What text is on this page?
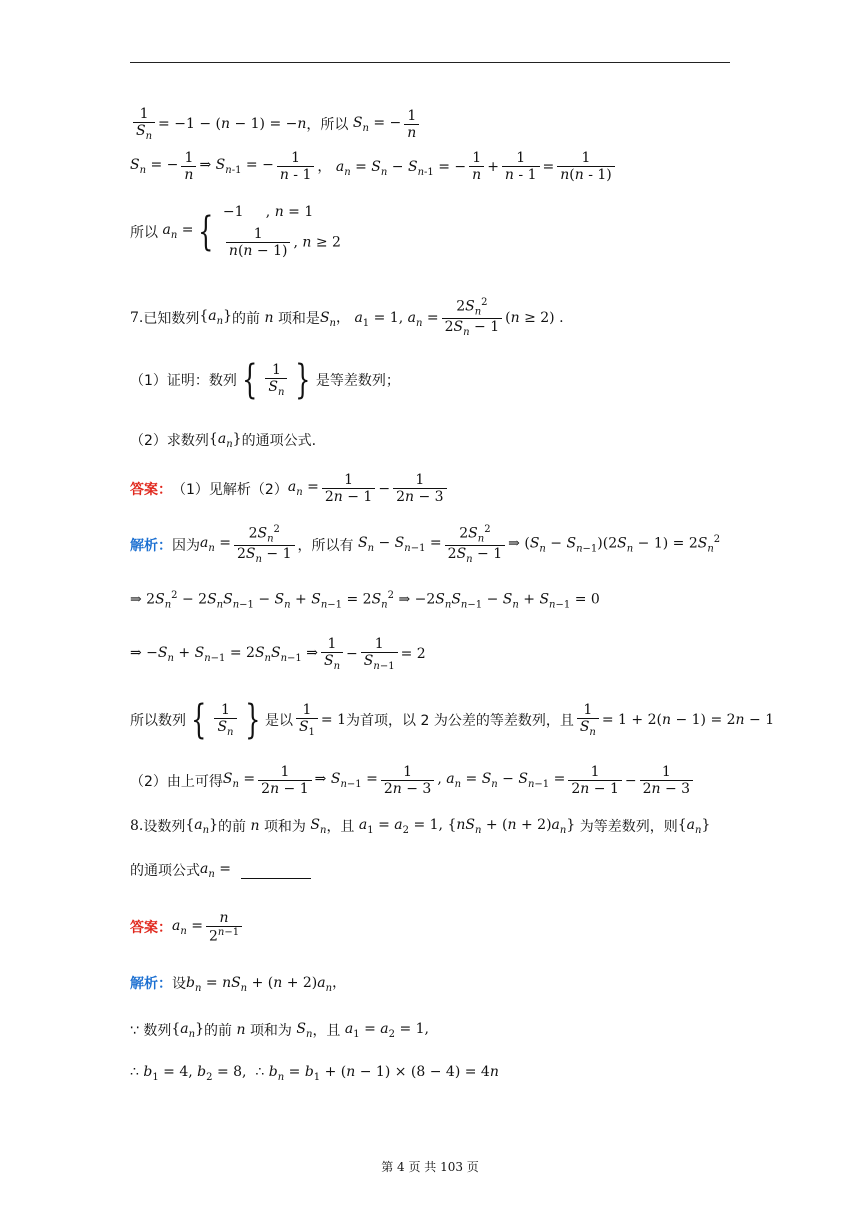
$\frac{1}{S_n} = -1 - (n - 1) = -n$ ，所以 $S_n$ = − $\frac{1}{n}$
$S_n$ = − $\frac{1}{n}$ ⇒ $S_{n-1}$ = − $\frac{1}{n - 1}$ ， $a_n = S_n - S_{n-1}$ = − $\frac{1}{n} + \frac{1}{n - 1} = \frac{1}{n(n - 1)}$
所以 $a_n$ = { −1     , n = 1
$\frac{1}{n(n - 1)}$ , n ≥ 2
7. 已知数列 $\{a_n\}$ 的前 n 项和是 $S_n$， $a_1 = 1$, $a_n = \frac{2S_n^2}{2S_n - 1} (n \ge 2)$ .
（1）证明：数列 { $\frac{1}{S_n}$ } 是等差数列；
（2）求数列 $\{a_n\}$ 的通项公式.
答案： （1）见解析（2） $a_n = \frac{1}{2n - 1} - \frac{1}{2n - 3}$
解析： 因为 $a_n = \frac{2S_n^2}{2S_n - 1}$ ，所以有 $S_n - S_{n-1} = \frac{2S_n^2}{2S_n - 1}$ ⇒ $(S_n - S_{n-1})(2S_n - 1) = 2S_n^2$
⇒ $2S_n^2 - 2S_nS_{n-1} - S_n + S_{n-1} = 2S_n^2$ ⇒ $-2S_nS_{n-1} - S_n + S_{n-1} = 0$
⇒ $-S_n + S_{n-1} = 2S_nS_{n-1}$ ⇒ $\frac{1}{S_n} - \frac{1}{S_{n-1}} = 2$
所以数列 { $\frac{1}{S_n}$ } 是以 $\frac{1}{S_1} = 1$ 为首项，以 2 为公差的等差数列，且 $\frac{1}{S_n} = 1 + 2(n - 1) = 2n - 1$
（2）由上可得 $S_n = \frac{1}{2n - 1}$ ⇒ $S_{n-1} = \frac{1}{2n - 3}$ , $a_n = S_n - S_{n-1} = \frac{1}{2n - 1} - \frac{1}{2n - 3}$
8. 设数列 $\{a_n\}$ 的前 n 项和为 $S_n$ ，且 $a_1 = a_2 = 1$, $\{nS_n + (n + 2)a_n\}$ 为等差数列，则 $\{a_n\}$
的通项公式 $a_n$ =
答案： $a_n = \frac{n}{2^{n-1}}$
解析： 设 $b_n = nS_n + (n + 2)a_n$，
∵ 数列 $\{a_n\}$ 的前 n 项和为 $S_n$ ，且 $a_1 = a_2 = 1$,
∴ $b_1 = 4$, $b_2 = 8$,  ∴ $b_n = b_1 + (n - 1) \times (8 - 4) = 4n$
第 4 页 共 103 页
